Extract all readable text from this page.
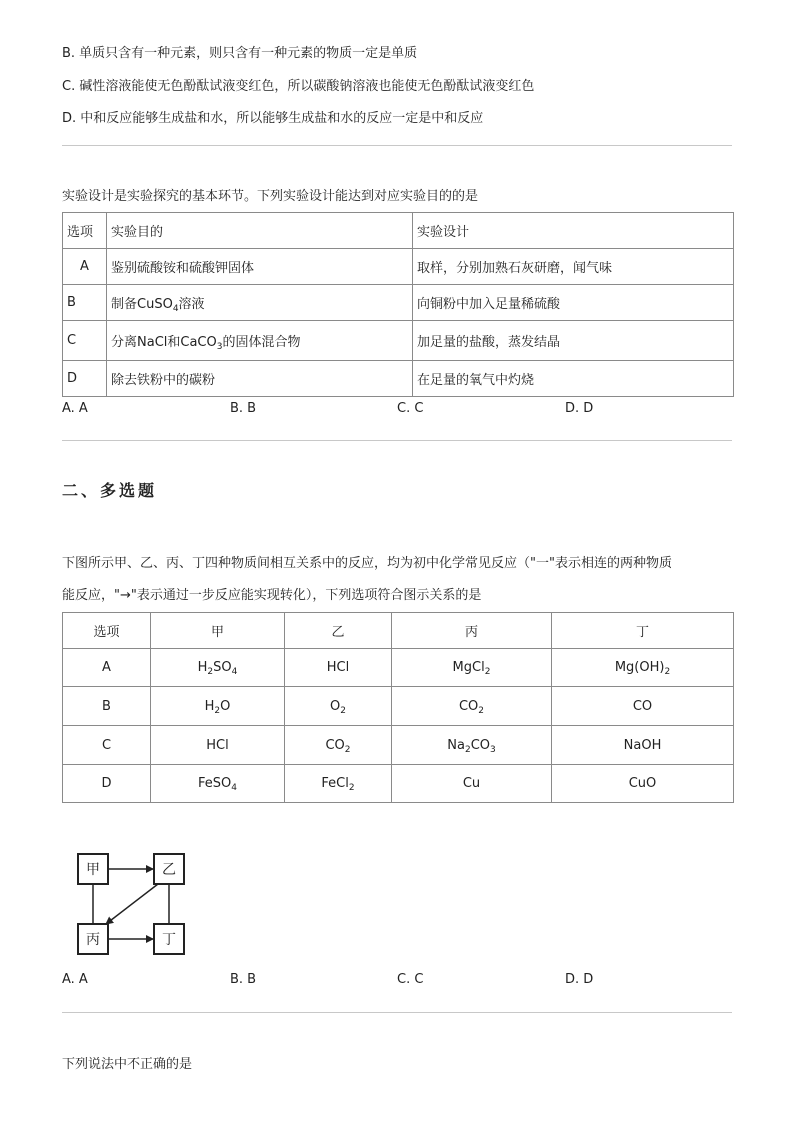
B. 单质只含有一种元素，则只含有一种元素的物质一定是单质
C. 碱性溶液能使无色酚酞试液变红色，所以碳酸钠溶液也能使无色酚酞试液变红色
D. 中和反应能够生成盐和水，所以能够生成盐和水的反应一定是中和反应
实验设计是实验探究的基本环节。下列实验设计能达到对应实验目的的是
选项	实验目的	实验设计
A	鉴别硫酸铵和硫酸钾固体	取样，分别加熟石灰研磨，闻气味
B	制备CuSO$_4$溶液	向铜粉中加入足量稀硫酸
C	分离NaCl和CaCO$_3$的固体混合物	加足量的盐酸，蒸发结晶
D	除去铁粉中的碳粉	在足量的氧气中灼烧
A. A	B. B	C. C	D. D
二、多选题
下图所示甲、乙、丙、丁四种物质间相互关系中的反应，均为初中化学常见反应（"一"表示相连的两种物质
能反应，"→"表示通过一步反应能实现转化），下列选项符合图示关系的是
选项	甲	乙	丙	丁
A	$H_2SO_4$	HCl	MgCl$_2$	$Mg(OH)_2$
B	$H_2O$	$O_2$	$CO_2$	CO
C	HCl	$CO_2$	$Na_2CO_3$	NaOH
D	FeSO$_4$	FeCl$_2$	Cu	CuO
甲	乙
丙	丁
A. A	B. B	C. C	D. D
下列说法中不正确的是
